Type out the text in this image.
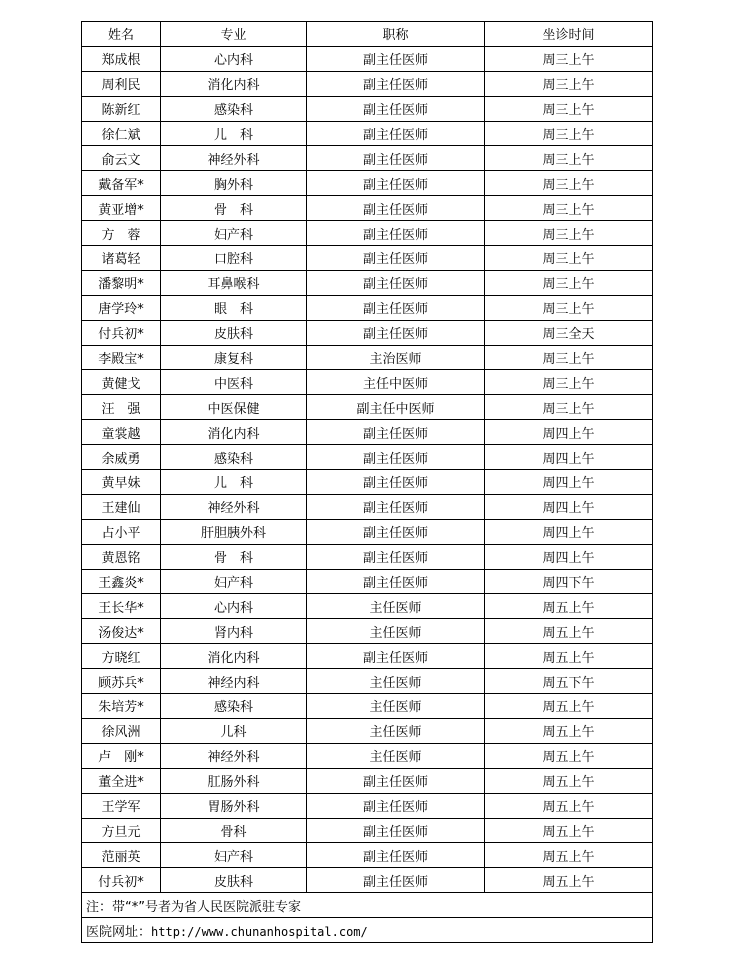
姓名	专业	职称	坐诊时间
郑成根	心内科	副主任医师	周三上午
周利民	消化内科	副主任医师	周三上午
陈新红	感染科	副主任医师	周三上午
徐仁斌	儿　科	副主任医师	周三上午
俞云文	神经外科	副主任医师	周三上午
戴备军*	胸外科	副主任医师	周三上午
黄亚增*	骨　科	副主任医师	周三上午
方　蓉	妇产科	副主任医师	周三上午
诸葛轻	口腔科	副主任医师	周三上午
潘黎明*	耳鼻喉科	副主任医师	周三上午
唐学玲*	眼　科	副主任医师	周三上午
付兵初*	皮肤科	副主任医师	周三全天
李殿宝*	康复科	主治医师	周三上午
黄健戈	中医科	主任中医师	周三上午
汪　强	中医保健	副主任中医师	周三上午
童裳越	消化内科	副主任医师	周四上午
余威勇	感染科	副主任医师	周四上午
黄早妹	儿　科	副主任医师	周四上午
王建仙	神经外科	副主任医师	周四上午
占小平	肝胆胰外科	副主任医师	周四上午
黄恩铭	骨　科	副主任医师	周四上午
王鑫炎*	妇产科	副主任医师	周四下午
王长华*	心内科	主任医师	周五上午
汤俊达*	肾内科	主任医师	周五上午
方晓红	消化内科	副主任医师	周五上午
顾苏兵*	神经内科	主任医师	周五下午
朱培芳*	感染科	主任医师	周五上午
徐风洲	儿科	主任医师	周五上午
卢　刚*	神经外科	主任医师	周五上午
董全进*	肛肠外科	副主任医师	周五上午
王学军	胃肠外科	副主任医师	周五上午
方旦元	骨科	副主任医师	周五上午
范丽英	妇产科	副主任医师	周五上午
付兵初*	皮肤科	副主任医师	周五上午
注：带“*”号者为省人民医院派驻专家			
医院网址：http://www.chunanhospital.com/			
